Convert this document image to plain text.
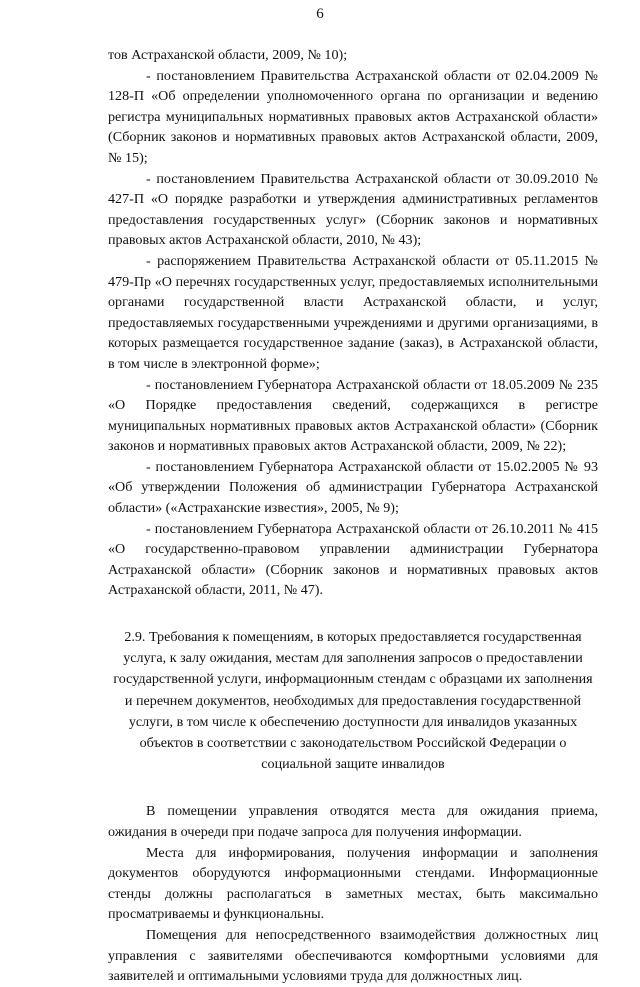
6

тов Астраханской области, 2009, № 10);

- постановлением Правительства Астраханской области от 02.04.2009 № 128-П «Об определении уполномоченного органа по организации и ведению регистра муниципальных нормативных правовых актов Астраханской области» (Сборник законов и нормативных правовых актов Астраханской области, 2009, № 15);

- постановлением Правительства Астраханской области от 30.09.2010 № 427-П «О порядке разработки и утверждения административных регламентов предоставления государственных услуг» (Сборник законов и нормативных правовых актов Астраханской области, 2010, № 43);

- распоряжением Правительства Астраханской области от 05.11.2015 № 479-Пр «О перечнях государственных услуг, предоставляемых исполнительными органами государственной власти Астраханской области, и услуг, предоставляемых государственными учреждениями и другими организациями, в которых размещается государственное задание (заказ), в Астраханской области, в том числе в электронной форме»;

- постановлением Губернатора Астраханской области от 18.05.2009 № 235 «О Порядке предоставления сведений, содержащихся в регистре муниципальных нормативных правовых актов Астраханской области» (Сборник законов и нормативных правовых актов Астраханской области, 2009, № 22);

- постановлением Губернатора Астраханской области от 15.02.2005 № 93 «Об утверждении Положения об администрации Губернатора Астраханской области» («Астраханские известия», 2005, № 9);

- постановлением Губернатора Астраханской области от 26.10.2011 № 415 «О государственно-правовом управлении администрации Губернатора Астраханской области» (Сборник законов и нормативных правовых актов Астраханской области, 2011, № 47).

2.9. Требования к помещениям, в которых предоставляется государственная услуга, к залу ожидания, местам для заполнения запросов о предоставлении государственной услуги, информационным стендам с образцами их заполнения и перечнем документов, необходимых для предоставления государственной услуги, в том числе к обеспечению доступности для инвалидов указанных объектов в соответствии с законодательством Российской Федерации о социальной защите инвалидов

В помещении управления отводятся места для ожидания приема, ожидания в очереди при подаче запроса для получения информации.

Места для информирования, получения информации и заполнения документов оборудуются информационными стендами. Информационные стенды должны располагаться в заметных местах, быть максимально просматриваемы и функциональны.

Помещения для непосредственного взаимодействия должностных лиц управления с заявителями обеспечиваются комфортными условиями для заявителей и оптимальными условиями труда для должностных лиц.
